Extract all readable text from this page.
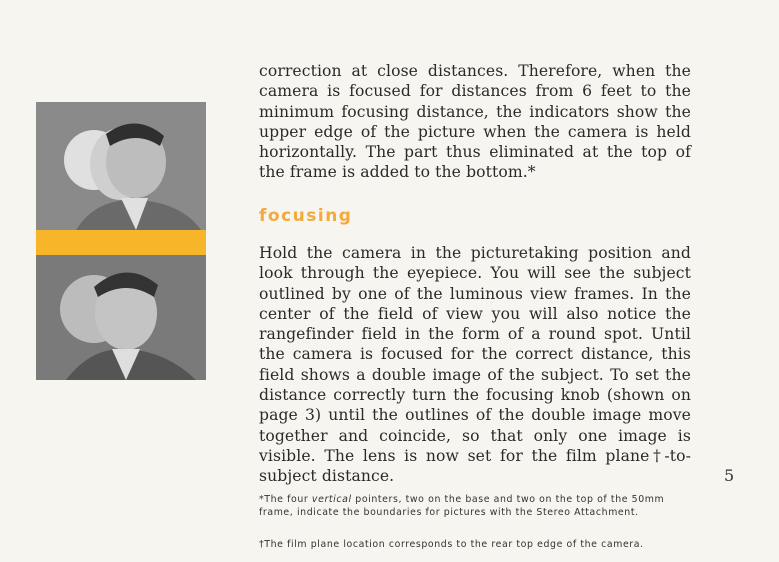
correction at close distances. Therefore, when the camera is focused for distances from 6 feet to the minimum focusing distance, the indicators show the upper edge of the picture when the camera is held horizontally. The part thus eliminated at the top of the frame is added to the bottom.*

focusing

Hold the camera in the picturetaking position and look through the eyepiece. You will see the subject outlined by one of the luminous view frames. In the center of the field of view you will also notice the rangefinder field in the form of a round spot. Until the camera is focused for the correct distance, this field shows a double image of the subject. To set the distance correctly turn the focusing knob (shown on page 3) until the outlines of the double image move together and coincide, so that only one image is visible. The lens is now set for the film plane†-to-subject distance.

*The four vertical pointers, two on the base and two on the top of the 50mm frame, indicate the boundaries for pictures with the Stereo Attachment.
†The film plane location corresponds to the rear top edge of the camera.
5
